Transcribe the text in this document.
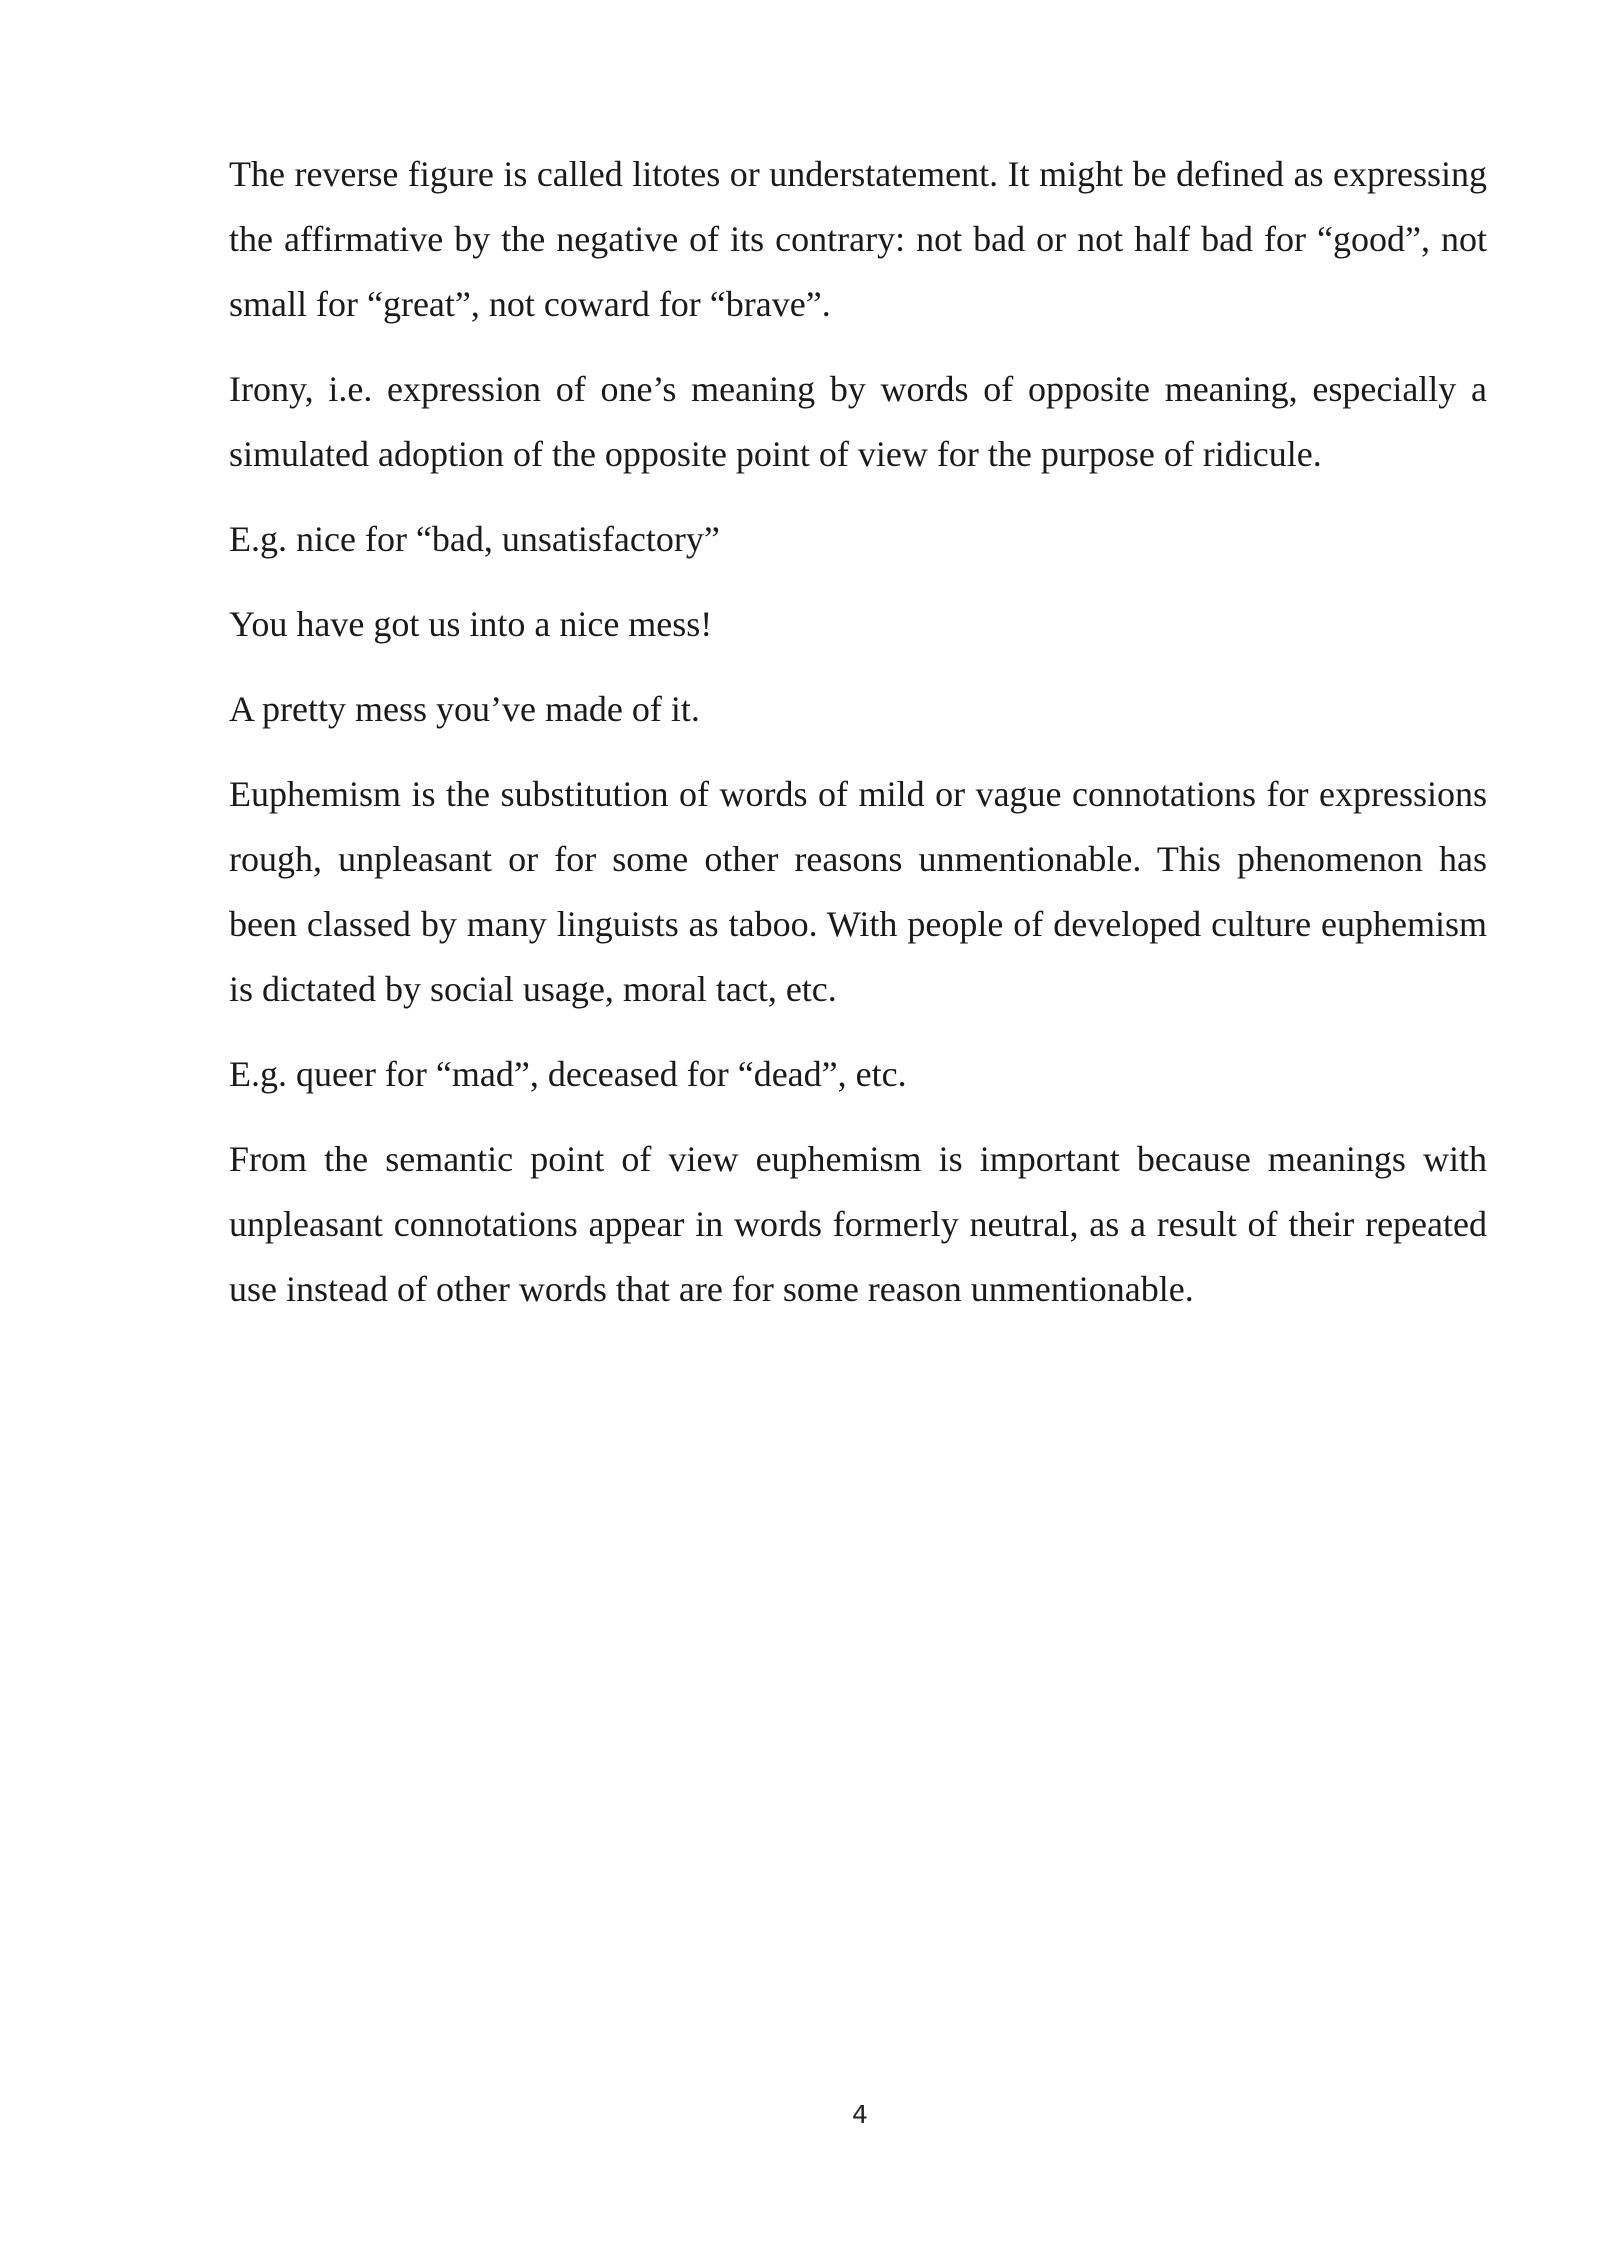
The reverse figure is called litotes or understatement. It might be defined as expressing the affirmative by the negative of its contrary: not bad or not half bad for “good”, not small for “great”, not coward for “brave”.

Irony, i.e. expression of one’s meaning by words of opposite meaning, especially a simulated adoption of the opposite point of view for the purpose of ridicule.

E.g. nice for “bad, unsatisfactory”

You have got us into a nice mess!

A pretty mess you’ve made of it.

Euphemism is the substitution of words of mild or vague connotations for expressions rough, unpleasant or for some other reasons unmentionable. This phenomenon has been classed by many linguists as taboo. With people of developed culture euphemism is dictated by social usage, moral tact, etc.

E.g. queer for “mad”, deceased for “dead”, etc.

From the semantic point of view euphemism is important because meanings with unpleasant connotations appear in words formerly neutral, as a result of their repeated use instead of other words that are for some reason unmentionable.

4
